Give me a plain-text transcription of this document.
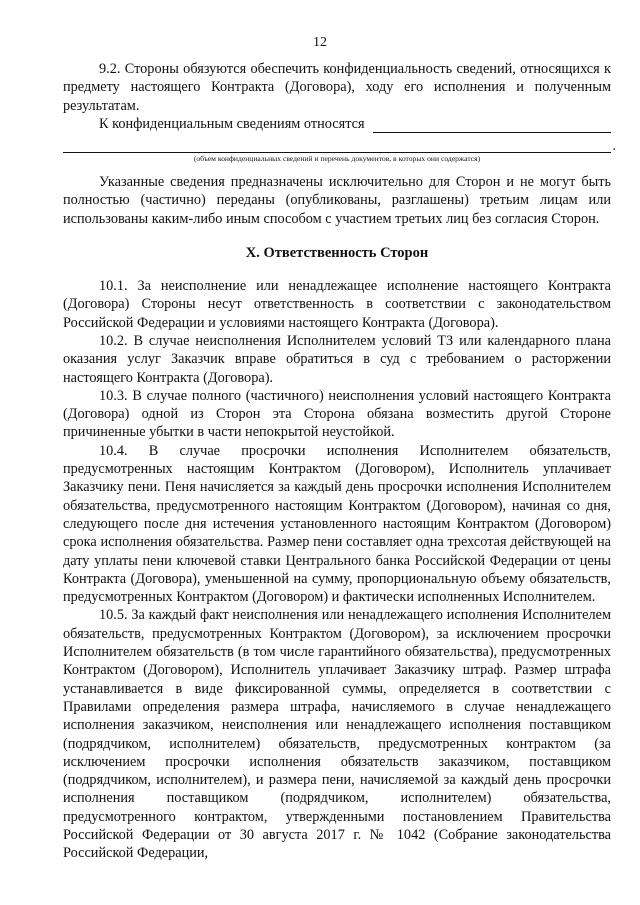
12

9.2. Стороны обязуются обеспечить конфиденциальность сведений, относящихся к предмету настоящего Контракта (Договора), ходу его исполнения и полученным результатам.

К конфиденциальным сведениям относятся
.
(объем конфиденциальных сведений и перечень документов, в которых они содержатся)

Указанные сведения предназначены исключительно для Сторон и не могут быть полностью (частично) переданы (опубликованы, разглашены) третьим лицам или использованы каким-либо иным способом с участием третьих лиц без согласия Сторон.

X. Ответственность Сторон

10.1. За неисполнение или ненадлежащее исполнение настоящего Контракта (Договора) Стороны несут ответственность в соответствии с законодательством Российской Федерации и условиями настоящего Контракта (Договора).

10.2. В случае неисполнения Исполнителем условий ТЗ или календарного плана оказания услуг Заказчик вправе обратиться в суд с требованием о расторжении настоящего Контракта (Договора).

10.3. В случае полного (частичного) неисполнения условий настоящего Контракта (Договора) одной из Сторон эта Сторона обязана возместить другой Стороне причиненные убытки в части непокрытой неустойкой.

10.4. В случае просрочки исполнения Исполнителем обязательств, предусмотренных настоящим Контрактом (Договором), Исполнитель уплачивает Заказчику пени. Пеня начисляется за каждый день просрочки исполнения Исполнителем обязательства, предусмотренного настоящим Контрактом (Договором), начиная со дня, следующего после дня истечения установленного настоящим Контрактом (Договором) срока исполнения обязательства. Размер пени составляет одна трехсотая действующей на дату уплаты пени ключевой ставки Центрального банка Российской Федерации от цены Контракта (Договора), уменьшенной на сумму, пропорциональную объему обязательств, предусмотренных Контрактом (Договором) и фактически исполненных Исполнителем.

10.5. За каждый факт неисполнения или ненадлежащего исполнения Исполнителем обязательств, предусмотренных Контрактом (Договором), за исключением просрочки Исполнителем обязательств (в том числе гарантийного обязательства), предусмотренных Контрактом (Договором), Исполнитель уплачивает Заказчику штраф. Размер штрафа устанавливается в виде фиксированной суммы, определяется в соответствии с Правилами определения размера штрафа, начисляемого в случае ненадлежащего исполнения заказчиком, неисполнения или ненадлежащего исполнения поставщиком (подрядчиком, исполнителем) обязательств, предусмотренных контрактом (за исключением просрочки исполнения обязательств заказчиком, поставщиком (подрядчиком, исполнителем), и размера пени, начисляемой за каждый день просрочки исполнения поставщиком (подрядчиком, исполнителем) обязательства, предусмотренного контрактом, утвержденными постановлением Правительства Российской Федерации от 30 августа 2017 г. № 1042 (Собрание законодательства Российской Федерации,
